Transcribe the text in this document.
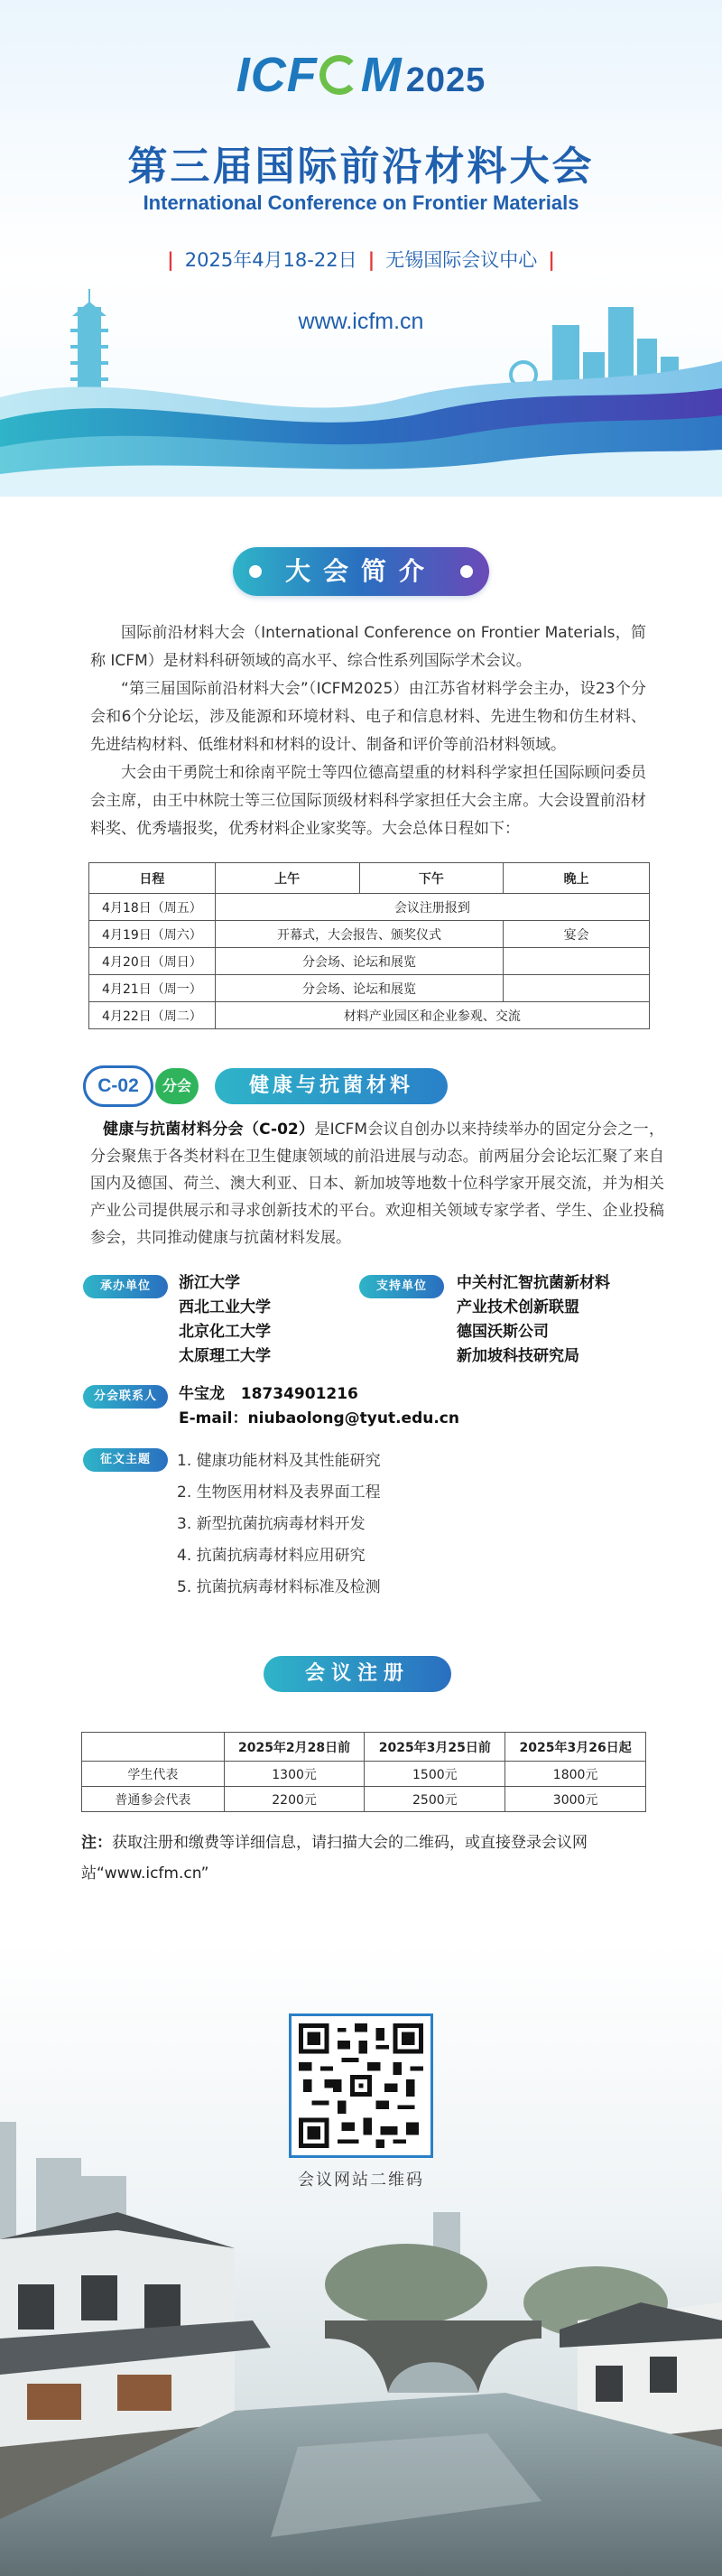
ICF M 2025
第三届国际前沿材料大会
International Conference on Frontier Materials
| 2025年4月18-22日 | 无锡国际会议中心 |
www.icfm.cn
大会简介

国际前沿材料大会（International Conference on Frontier Materials，简称 ICFM）是材料科研领域的高水平、综合性系列国际学术会议。

“第三届国际前沿材料大会”（ICFM2025）由江苏省材料学会主办，设23个分会和6个分论坛，涉及能源和环境材料、电子和信息材料、先进生物和仿生材料、先进结构材料、低维材料和材料的设计、制备和评价等前沿材料领域。

大会由干勇院士和徐南平院士等四位德高望重的材料科学家担任国际顾问委员会主席，由王中林院士等三位国际顶级材料科学家担任大会主席。大会设置前沿材料奖、优秀墙报奖，优秀材料企业家奖等。大会总体日程如下：

日程	上午	下午	晚上
4月18日（周五）	会议注册报到		
4月19日（周六）	开幕式，大会报告、颁奖仪式		宴会
4月20日（周日）	分会场、论坛和展览		
4月21日（周一）	分会场、论坛和展览		
4月22日（周二）	材料产业园区和企业参观、交流		
C-02	分会	健康与抗菌材料

健康与抗菌材料分会（C-02）是ICFM会议自创办以来持续举办的固定分会之一，分会聚焦于各类材料在卫生健康领域的前沿进展与动态。前两届分会论坛汇聚了来自国内及德国、荷兰、澳大利亚、日本、新加坡等地数十位科学家开展交流，并为相关产业公司提供展示和寻求创新技术的平台。欢迎相关领域专家学者、学生、企业投稿参会，共同推动健康与抗菌材料发展。

承办单位	浙江大学
西北工业大学
北京化工大学
太原理工大学
支持单位	中关村汇智抗菌新材料
产业技术创新联盟
德国沃斯公司
新加坡科技研究局
分会联系人	牛宝龙 18734901216
E-mail：niubaolong@tyut.edu.cn
征文主题	1. 健康功能材料及其性能研究
2. 生物医用材料及表界面工程
3. 新型抗菌抗病毒材料开发
4. 抗菌抗病毒材料应用研究
5. 抗菌抗病毒材料标准及检测
会议注册
	2025年2月28日前	2025年3月25日前	2025年3月26日起
学生代表	1300元	1500元	1800元
普通参会代表	2200元	2500元	3000元

注：获取注册和缴费等详细信息，请扫描大会的二维码，或直接登录会议网站“www.icfm.cn”

会议网站二维码
